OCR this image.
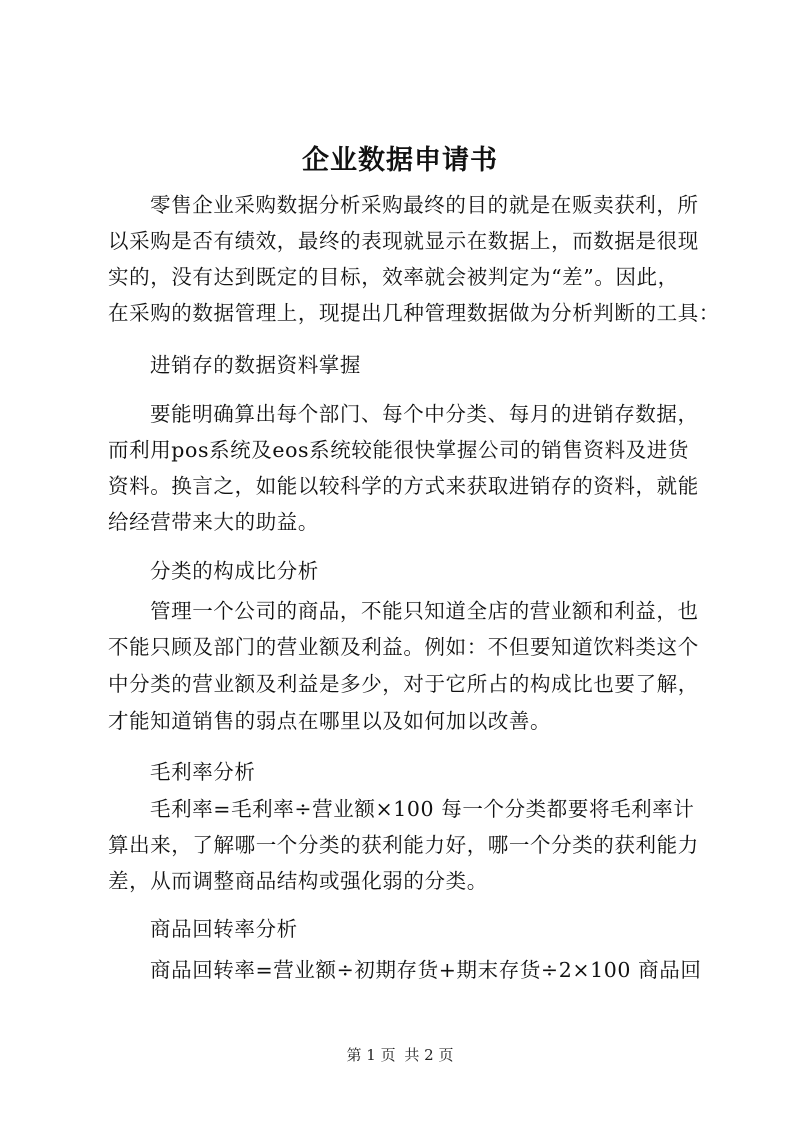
企业数据申请书

零售企业采购数据分析采购最终的目的就是在贩卖获利，所

以采购是否有绩效，最终的表现就显示在数据上，而数据是很现

实的，没有达到既定的目标，效率就会被判定为“差”。因此，

在采购的数据管理上，现提出几种管理数据做为分析判断的工具：

进销存的数据资料掌握

要能明确算出每个部门、每个中分类、每月的进销存数据，

而利用pos系统及eos系统较能很快掌握公司的销售资料及进货

资料。换言之，如能以较科学的方式来获取进销存的资料，就能

给经营带来大的助益。

分类的构成比分析

管理一个公司的商品，不能只知道全店的营业额和利益，也

不能只顾及部门的营业额及利益。例如：不但要知道饮料类这个

中分类的营业额及利益是多少，对于它所占的构成比也要了解，

才能知道销售的弱点在哪里以及如何加以改善。

毛利率分析

毛利率=毛利率÷营业额×100 每一个分类都要将毛利率计

算出来，了解哪一个分类的获利能力好，哪一个分类的获利能力

差，从而调整商品结构或强化弱的分类。

商品回转率分析

商品回转率=营业额÷初期存货+期末存货÷2×100 商品回

第 1 页 共 2 页
